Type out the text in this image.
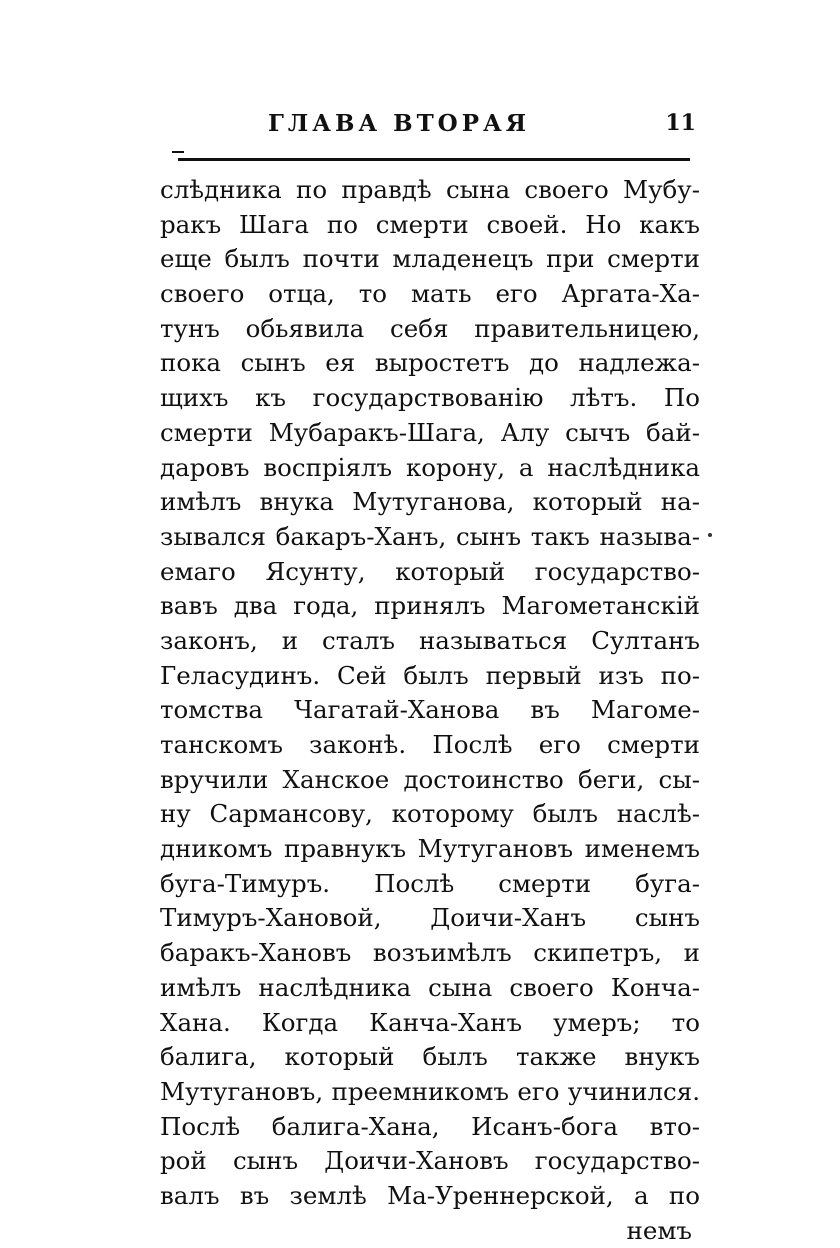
ГЛАВА ВТОРАЯ	11
слѣдника по правдѣ сына своего Мубу-
ракъ Шага по смерти своей. Но какъ
еще былъ почти младенецъ при смерти
своего отца, то мать его Аргата-Ха-
тунъ обьявила себя правительницею,
пока сынъ ея выростетъ до надлежа-
щихъ къ государствованію лѣтъ. По
смерти Мубаракъ-Шага, Алу сычъ бай-
даровъ воспріялъ корону, а наслѣдника
имѣлъ внука Мутуганова, который на-
зывался бакаръ-Ханъ, сынъ такъ называ-
емаго Ясунту, который государство-
вавъ два года, принялъ Магометанскій
законъ, и сталъ называться Султанъ
Геласудинъ. Сей былъ первый изъ по-
томства Чагатай-Ханова въ Магоме-
танскомъ законѣ. Послѣ его смерти
вручили Ханское достоинство беги, сы-
ну Сармансову, которому былъ наслѣ-
дникомъ правнукъ Мутугановъ именемъ
буга-Тимуръ. Послѣ смерти буга-
Тимуръ-Хановой, Доичи-Ханъ сынъ
баракъ-Хановъ возъимѣлъ скипетръ, и
имѣлъ наслѣдника сына своего Конча-
Хана. Когда Канча-Ханъ умеръ; то
балига, который былъ также внукъ
Мутугановъ, преемникомъ его учинился.
Послѣ балига-Хана, Исанъ-бога вто-
рой сынъ Доичи-Хановъ государство-
валъ въ землѣ Ма-Уреннерской, а по
немъ
